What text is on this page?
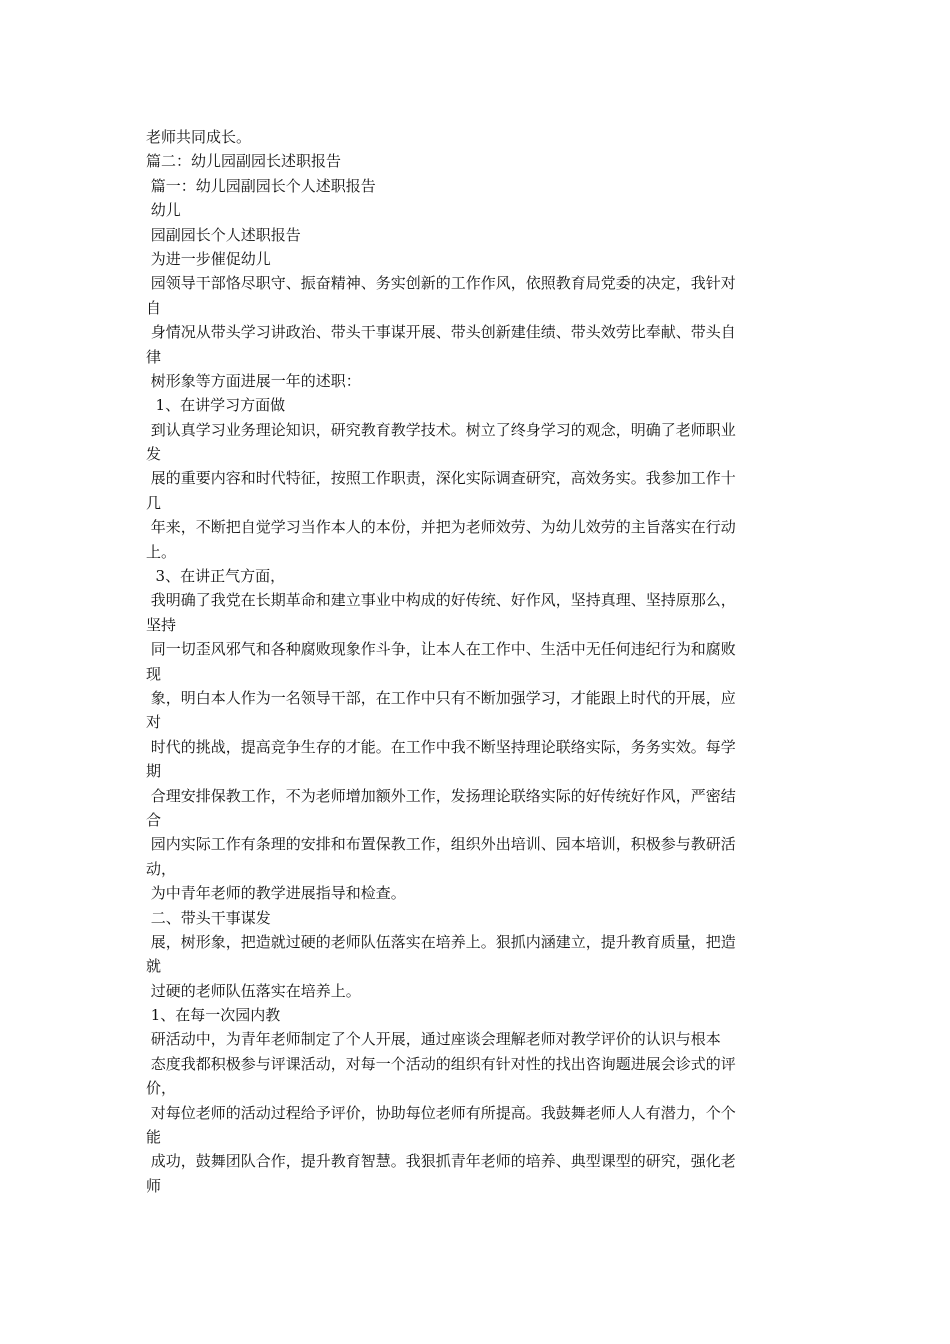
老师共同成长。
篇二：幼儿园副园长述职报告
篇一：幼儿园副园长个人述职报告
幼儿
园副园长个人述职报告
为进一步催促幼儿
园领导干部恪尽职守、振奋精神、务实创新的工作作风，依照教育局党委的决定，我针对
自
身情况从带头学习讲政治、带头干事谋开展、带头创新建佳绩、带头效劳比奉献、带头自
律
树形象等方面进展一年的述职：
1、在讲学习方面做
到认真学习业务理论知识，研究教育教学技术。树立了终身学习的观念，明确了老师职业
发
展的重要内容和时代特征，按照工作职责，深化实际调查研究，高效务实。我参加工作十
几
年来，不断把自觉学习当作本人的本份，并把为老师效劳、为幼儿效劳的主旨落实在行动
上。
3、在讲正气方面，
我明确了我党在长期革命和建立事业中构成的好传统、好作风，坚持真理、坚持原那么，
坚持
同一切歪风邪气和各种腐败现象作斗争，让本人在工作中、生活中无任何违纪行为和腐败
现
象，明白本人作为一名领导干部，在工作中只有不断加强学习，才能跟上时代的开展，应
对
时代的挑战，提高竞争生存的才能。在工作中我不断坚持理论联络实际，务务实效。每学
期
合理安排保教工作，不为老师增加额外工作，发扬理论联络实际的好传统好作风，严密结
合
园内实际工作有条理的安排和布置保教工作，组织外出培训、园本培训，积极参与教研活
动，
为中青年老师的教学进展指导和检查。
二、带头干事谋发
展，树形象，把造就过硬的老师队伍落实在培养上。狠抓内涵建立，提升教育质量，把造
就
过硬的老师队伍落实在培养上。
1、在每一次园内教
研活动中，为青年老师制定了个人开展，通过座谈会理解老师对教学评价的认识与根本
态度我都积极参与评课活动，对每一个活动的组织有针对性的找出咨询题进展会诊式的评
价，
对每位老师的活动过程给予评价，协助每位老师有所提高。我鼓舞老师人人有潜力，个个
能
成功，鼓舞团队合作，提升教育智慧。我狠抓青年老师的培养、典型课型的研究，强化老
师
